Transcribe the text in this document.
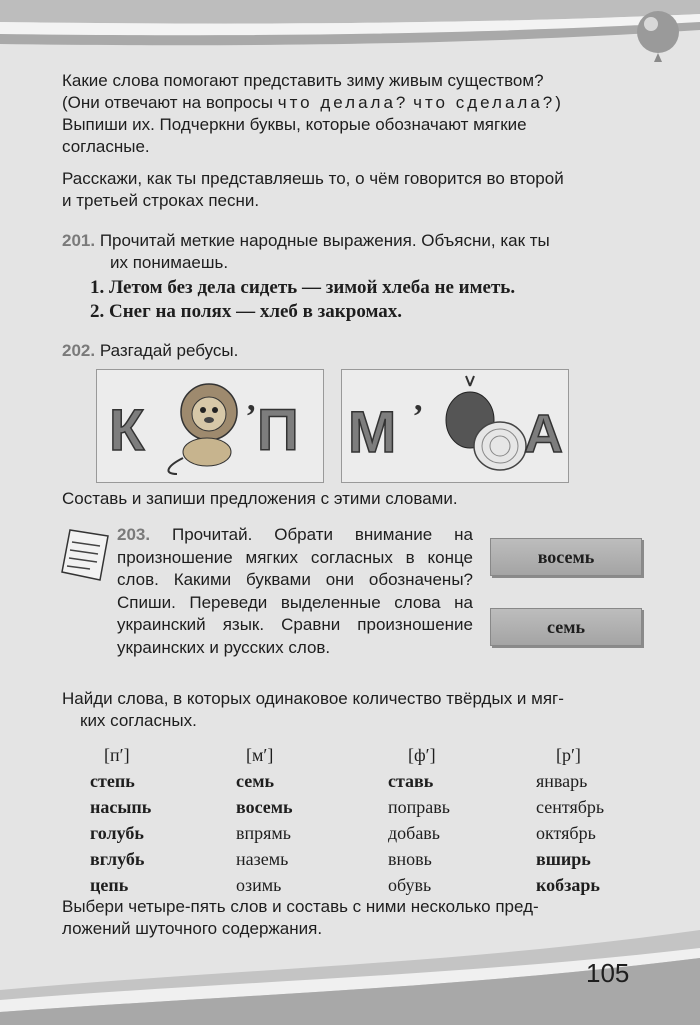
Какие слова помогают представить зиму живым существом?
(Они отвечают на вопросы что делала? что сделала?)
Выпиши их. Подчеркни буквы, которые обозначают мягкие
согласные.
Расскажи, как ты представляешь то, о чём говорится во второй
и третьей строках песни.
201. Прочитай меткие народные выражения. Объясни, как ты
их понимаешь.
1. Летом без дела сидеть — зимой хлеба не иметь.
2. Снег на полях — хлеб в закромах.
202. Разгадай ребусы.
К	, П М
,
А
Составь и запиши предложения с этими словами.

203. Прочитай. Обрати внимание на произношение мягких согласных в конце слов. Какими буквами они обозначены? Спиши. Переведи выделенные слова на украинский язык. Сравни произношение украинских и русских слов.

восемь
семь
Найди слова, в которых одинаковое количество твёрдых и мяг-
ких согласных.
[п′]
степь
насыпь
голубь
вглубь
цепь
[м′]
семь
восемь
впрямь
наземь
озимь
[ф′]
ставь
поправь
добавь
вновь
обувь
[р′]
январь
сентябрь
октябрь
вширь
кобзарь
Выбери четыре-пять слов и составь с ними несколько пред-
ложений шуточного содержания.
105
